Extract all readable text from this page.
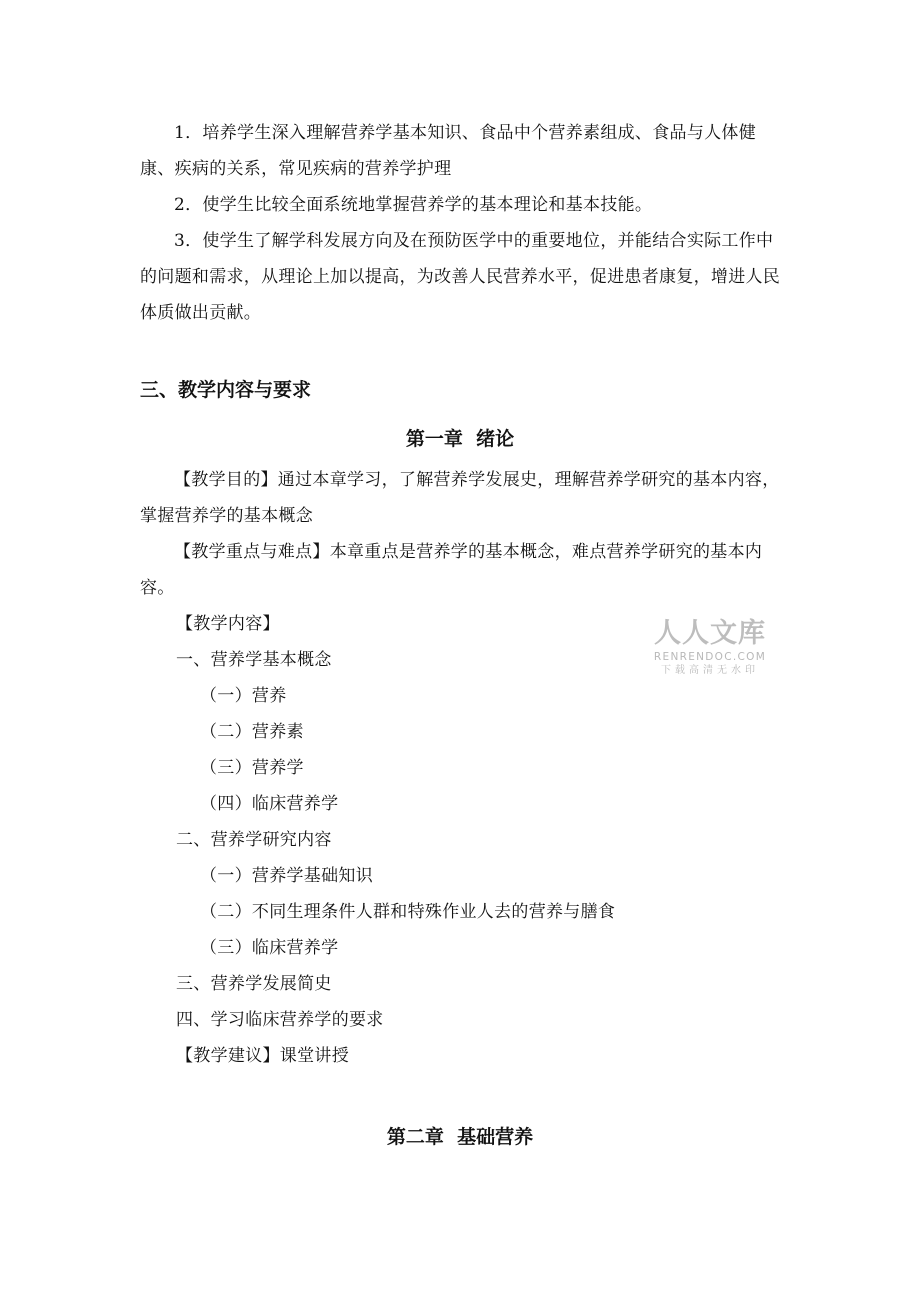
1．培养学生深入理解营养学基本知识、食品中个营养素组成、食品与人体健康、疾病的关系，常见疾病的营养学护理
2．使学生比较全面系统地掌握营养学的基本理论和基本技能。
3．使学生了解学科发展方向及在预防医学中的重要地位，并能结合实际工作中的问题和需求，从理论上加以提高，为改善人民营养水平，促进患者康复，增进人民体质做出贡献。
三、教学内容与要求
第一章  绪论
【教学目的】通过本章学习，了解营养学发展史，理解营养学研究的基本内容，掌握营养学的基本概念
【教学重点与难点】本章重点是营养学的基本概念，难点营养学研究的基本内容。
【教学内容】
一、营养学基本概念
（一）营养
（二）营养素
（三）营养学
（四）临床营养学
二、营养学研究内容
（一）营养学基础知识
（二）不同生理条件人群和特殊作业人去的营养与膳食
（三）临床营养学
三、营养学发展简史
四、学习临床营养学的要求
【教学建议】课堂讲授
第二章  基础营养
人人文库
RENRENDOC.COM
下载高清无水印
